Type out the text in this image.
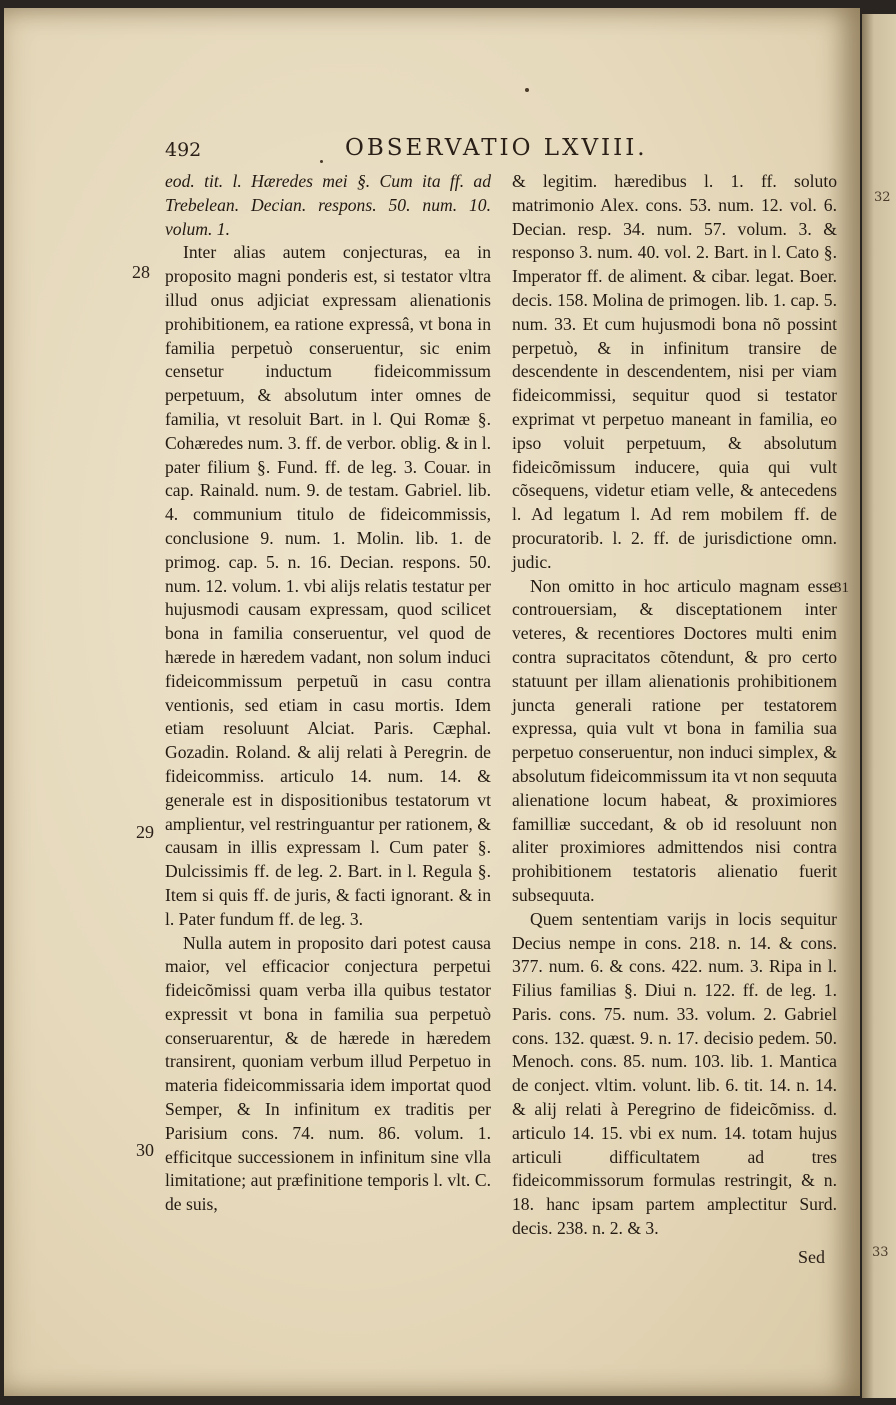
32
33
492	OBSERVATIO LXVIII.

eod. tit. l. Hæredes mei §. Cum ita ff. ad Trebelean. Decian. respons. 50. num. 10. volum. 1.

Inter alias autem conjecturas, ea in proposito magni ponderis est, si testator vltra illud onus adjiciat expressam alienationis prohibitionem, ea ratione expressâ, vt bona in familia perpetuò conseruentur, sic enim censetur inductum fideicommissum perpetuum, & absolutum inter omnes de familia, vt resoluit Bart. in l. Qui Romæ §. Cohæredes num. 3. ff. de verbor. oblig. & in l. pater filium §. Fund. ff. de leg. 3. Couar. in cap. Rainald. num. 9. de testam. Gabriel. lib. 4. communium titulo de fideicommissis, conclusione 9. num. 1. Molin. lib. 1. de primog. cap. 5. n. 16. Decian. respons. 50. num. 12. volum. 1. vbi alijs relatis testatur per hujusmodi causam expressam, quod scilicet bona in familia conseruentur, vel quod de hærede in hæredem vadant, non solum induci fideicommissum perpetuũ in casu contra ventionis, sed etiam in casu mortis. Idem etiam resoluunt Alciat. Paris. Cæphal. Gozadin. Roland. & alij relati à Peregrin. de fideicommiss. articulo 14. num. 14. & generale est in dispositionibus testatorum vt amplientur, vel restringuantur per rationem, & causam in illis expressam l. Cum pater §. Dulcissimis ff. de leg. 2. Bart. in l. Regula §. Item si quis ff. de juris, & facti ignorant. & in l. Pater fundum ff. de leg. 3.

Nulla autem in proposito dari potest causa maior, vel efficacior conjectura perpetui fideicõmissi quam verba illa quibus testator expressit vt bona in familia sua perpetuò conseruarentur, & de hærede in hæredem transirent, quoniam verbum illud Perpetuo in materia fideicommissaria idem importat quod Semper, & In infinitum ex traditis per Parisium cons. 74. num. 86. volum. 1. efficitque successionem in infinitum sine vlla limitatione; aut præfinitione temporis l. vlt. C. de suis,

& legitim. hæredibus l. 1. ff. soluto matrimonio Alex. cons. 53. num. 12. vol. 6. Decian. resp. 34. num. 57. volum. 3. & responso 3. num. 40. vol. 2. Bart. in l. Cato §. Imperator ff. de aliment. & cibar. legat. Boer. decis. 158. Molina de primogen. lib. 1. cap. 5. num. 33. Et cum hujusmodi bona nõ possint perpetuò, & in infinitum transire de descendente in descendentem, nisi per viam fideicommissi, sequitur quod si testator exprimat vt perpetuo maneant in familia, eo ipso voluit perpetuum, & absolutum fideicõmissum inducere, quia qui vult cõsequens, videtur etiam velle, & antecedens l. Ad legatum l. Ad rem mobilem ff. de procuratorib. l. 2. ff. de jurisdictione omn. judic.

Non omitto in hoc articulo magnam esse controuersiam, & disceptationem inter veteres, & recentiores Doctores multi enim contra supracitatos cõtendunt, & pro certo statuunt per illam alienationis prohibitionem juncta generali ratione per testatorem expressa, quia vult vt bona in familia sua perpetuo conseruentur, non induci simplex, & absolutum fideicommissum ita vt non sequuta alienatione locum habeat, & proximiores familliæ succedant, & ob id resoluunt non aliter proximiores admittendos nisi contra prohibitionem testatoris alienatio fuerit subsequuta.

Quem sententiam varijs in locis sequitur Decius nempe in cons. 218. n. 14. & cons. 377. num. 6. & cons. 422. num. 3. Ripa in l. Filius familias §. Diui n. 122. ff. de leg. 1. Paris. cons. 75. num. 33. volum. 2. Gabriel cons. 132. quæst. 9. n. 17. decisio pedem. 50. Menoch. cons. 85. num. 103. lib. 1. Mantica de conject. vltim. volunt. lib. 6. tit. 14. n. 14. & alij relati à Peregrino de fideicõmiss. d. articulo 14. 15. vbi ex num. 14. totam hujus articuli difficultatem ad tres fideicommissorum formulas restringit, & n. 18. hanc ipsam partem amplectitur Surd. decis. 238. n. 2. & 3.

28
29
30
31
Sed
